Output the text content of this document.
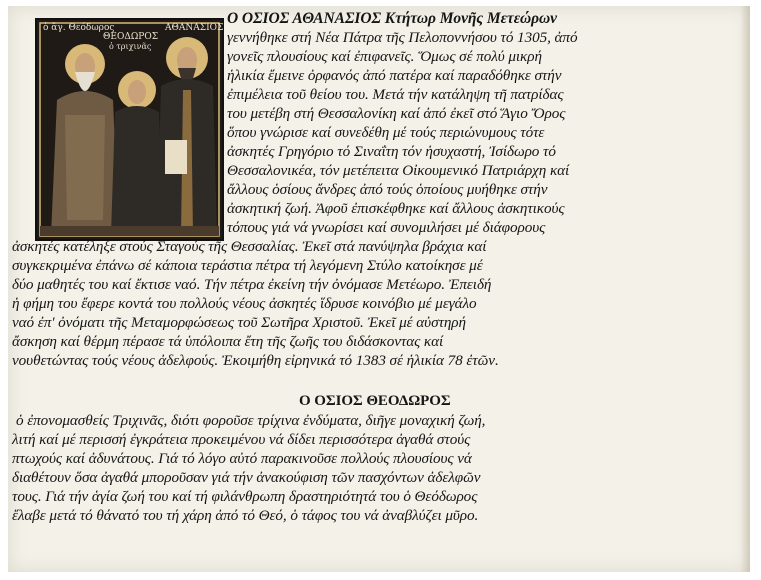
ὁ ἅγ. Θεόδωρος
ΘΕΟΔΩΡΟΣ
ὁ τριχινᾶς
ΑΘΑΝΑΣΙΟΣ
Ο ΟΣΙΟΣ ΑΘΑΝΑΣΙΟΣ Κτήτωρ Μονῆς Μετεώρων
γεννήθηκε στή Νέα Πάτρα τῆς Πελοποννήσου τό 1305, ἀπό
γονεῖς πλουσίους καί ἐπιφανεῖς. Ὅμως σέ πολύ μικρή
ἡλικία ἔμεινε ὀρφανός ἀπό πατέρα καί παραδόθηκε στήν
ἐπιμέλεια τοῦ θείου του. Μετά τήν κατάληψη τῆ πατρίδας
του μετέβη στή Θεσσαλονίκη καί ἀπό ἐκεῖ στό Ἅγιο Ὄρος
ὅπου γνώρισε καί συνεδέθη μέ τούς περιώνυμους τότε
ἀσκητές Γρηγόριο τό Σιναΐτη τόν ἡσυχαστή, Ἰσίδωρο τό
Θεσσαλονικέα, τόν μετέπειτα Οἰκουμενικό Πατριάρχη καί
ἄλλους ὁσίους ἄνδρες ἀπό τούς ὁποίους μυήθηκε στήν
ἀσκητική ζωή. Ἀφοῦ ἐπισκέφθηκε καί ἄλλους ἀσκητικούς
τόπους γιά νά γνωρίσει καί συνομιλήσει μέ διάφορους
ἀσκητές κατέληξε στούς Σταγούς τῆς Θεσσαλίας. Ἐκεῖ στά πανύψηλα βράχια καί
συγκεκριμένα ἐπάνω σέ κάποια τεράστια πέτρα τή λεγόμενη Στύλο κατοίκησε μέ
δύο μαθητές του καί ἔκτισε ναό. Τήν πέτρα ἐκείνη τήν ὀνόμασε Μετέωρο. Ἐπειδή
ἡ φήμη του ἔφερε κοντά του πολλούς νέους ἀσκητές ἵδρυσε κοινόβιο μέ μεγάλο
ναό ἐπ' ὀνόματι τῆς Μεταμορφώσεως τοῦ Σωτῆρα Χριστοῦ. Ἐκεῖ μέ αὐστηρή
ἄσκηση καί θέρμη πέρασε τά ὑπόλοιπα ἔτη τῆς ζωῆς του διδάσκοντας καί
νουθετώντας τούς νέους ἀδελφούς. Ἐκοιμήθη εἰρηνικά τό 1383 σέ ἡλικία 78 ἐτῶν.
Ο ΟΣΙΟΣ ΘΕΟΔΩΡΟΣ
ὁ ἐπονομασθείς Τριχινᾶς, διότι φοροῦσε τρίχινα ἐνδύματα, διῆγε μοναχική ζωή,
λιτή καί μέ περισσή ἐγκράτεια προκειμένου νά δίδει περισσότερα ἀγαθά στούς
πτωχούς καί ἀδυνάτους. Γιά τό λόγο αὐτό παρακινοῦσε πολλούς πλουσίους νά
διαθέτουν ὅσα ἀγαθά μποροῦσαν γιά τήν ἀνακούφιση τῶν πασχόντων ἀδελφῶν
τους. Γιά τήν ἁγία ζωή του καί τή φιλάνθρωπη δραστηριότητά του ὁ Θεόδωρος
ἔλαβε μετά τό θάνατό του τή χάρη ἀπό τό Θεό, ὁ τάφος του νά ἀναβλύζει μῦρο.
